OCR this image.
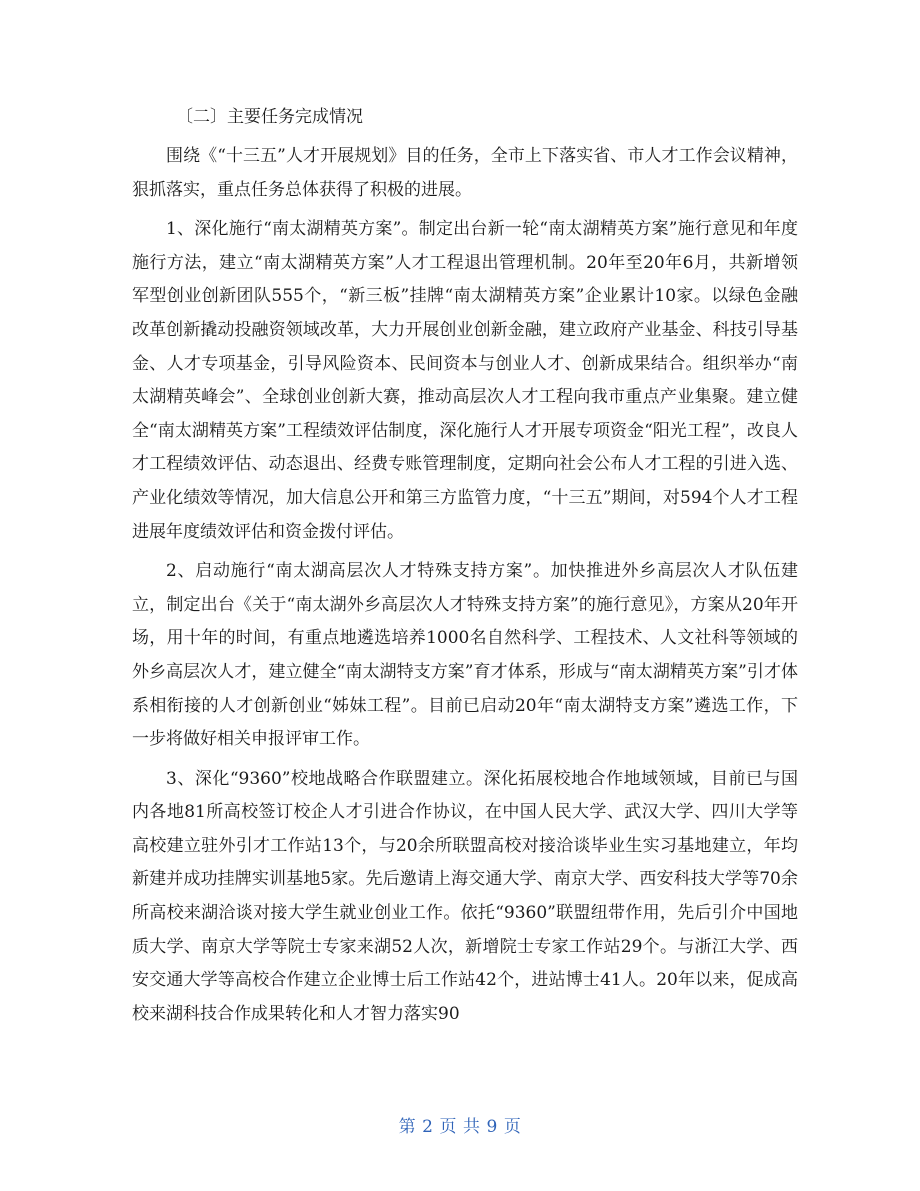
〔二〕主要任务完成情况

围绕《“十三五”人才开展规划》目的任务，全市上下落实省、市人才工作会议精神，狠抓落实，重点任务总体获得了积极的进展。

1、深化施行“南太湖精英方案”。制定出台新一轮“南太湖精英方案”施行意见和年度施行方法，建立“南太湖精英方案”人才工程退出管理机制。20年至20年6月，共新增领军型创业创新团队555个，“新三板”挂牌“南太湖精英方案”企业累计10家。以绿色金融改革创新撬动投融资领域改革，大力开展创业创新金融，建立政府产业基金、科技引导基金、人才专项基金，引导风险资本、民间资本与创业人才、创新成果结合。组织举办“南太湖精英峰会”、全球创业创新大赛，推动高层次人才工程向我市重点产业集聚。建立健全“南太湖精英方案”工程绩效评估制度，深化施行人才开展专项资金“阳光工程”，改良人才工程绩效评估、动态退出、经费专账管理制度，定期向社会公布人才工程的引进入选、产业化绩效等情况，加大信息公开和第三方监管力度，“十三五”期间，对594个人才工程进展年度绩效评估和资金拨付评估。

2、启动施行“南太湖高层次人才特殊支持方案”。加快推进外乡高层次人才队伍建立，制定出台《关于“南太湖外乡高层次人才特殊支持方案”的施行意见》，方案从20年开场，用十年的时间，有重点地遴选培养1000名自然科学、工程技术、人文社科等领域的外乡高层次人才，建立健全“南太湖特支方案”育才体系，形成与“南太湖精英方案”引才体系相衔接的人才创新创业“姊妹工程”。目前已启动20年“南太湖特支方案”遴选工作，下一步将做好相关申报评审工作。

3、深化“9360”校地战略合作联盟建立。深化拓展校地合作地域领域，目前已与国内各地81所高校签订校企人才引进合作协议，在中国人民大学、武汉大学、四川大学等高校建立驻外引才工作站13个，与20余所联盟高校对接洽谈毕业生实习基地建立，年均新建并成功挂牌实训基地5家。先后邀请上海交通大学、南京大学、西安科技大学等70余所高校来湖洽谈对接大学生就业创业工作。依托“9360”联盟纽带作用，先后引介中国地质大学、南京大学等院士专家来湖52人次，新增院士专家工作站29个。与浙江大学、西安交通大学等高校合作建立企业博士后工作站42个，进站博士41人。20年以来，促成高校来湖科技合作成果转化和人才智力落实90

第 2 页 共 9 页
